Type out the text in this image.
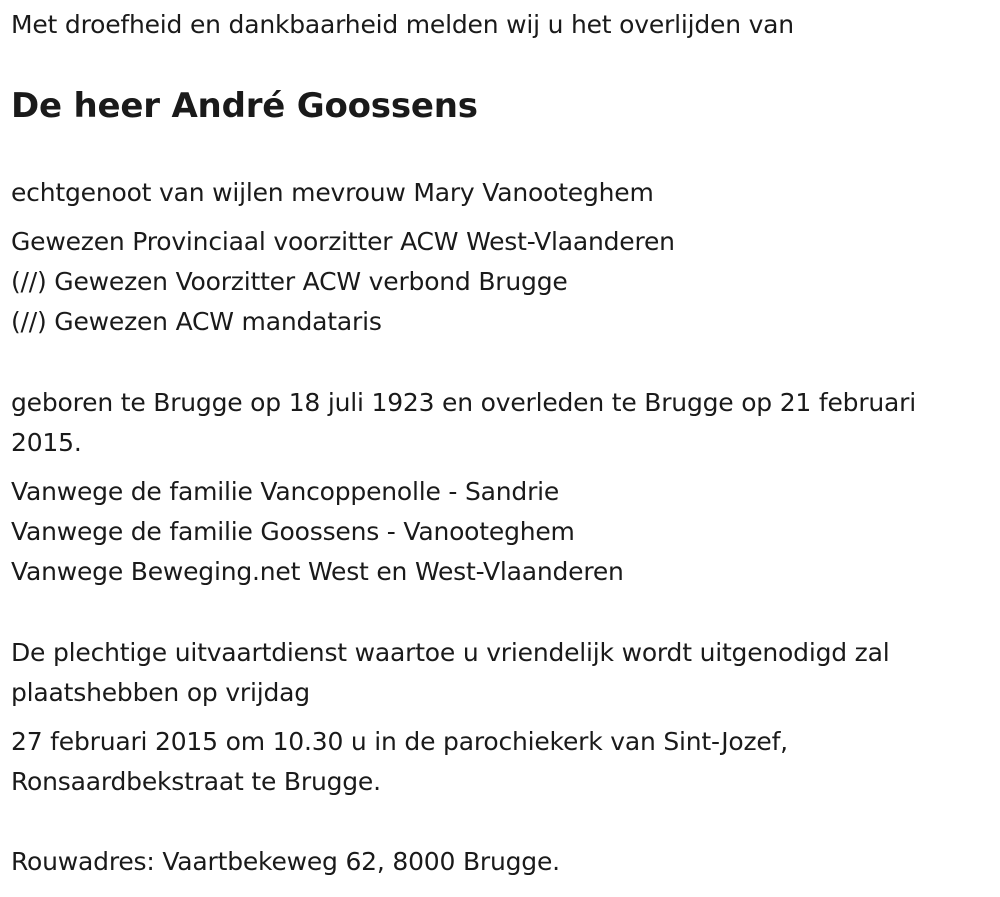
Met droefheid en dankbaarheid melden wij u het overlijden van
De heer André Goossens
echtgenoot van wijlen mevrouw Mary Vanooteghem
Gewezen Provinciaal voorzitter ACW West-Vlaanderen
(//) Gewezen Voorzitter ACW verbond Brugge
(//) Gewezen ACW mandataris
geboren te Brugge op 18 juli 1923 en overleden te Brugge op 21 februari
2015.
Vanwege de familie Vancoppenolle - Sandrie
Vanwege de familie Goossens - Vanooteghem
Vanwege Beweging.net West en West-Vlaanderen
De plechtige uitvaartdienst waartoe u vriendelijk wordt uitgenodigd zal
plaatshebben op vrijdag
27 februari 2015 om 10.30 u in de parochiekerk van Sint-Jozef,
Ronsaardbekstraat te Brugge.
Rouwadres: Vaartbekeweg 62, 8000 Brugge.
